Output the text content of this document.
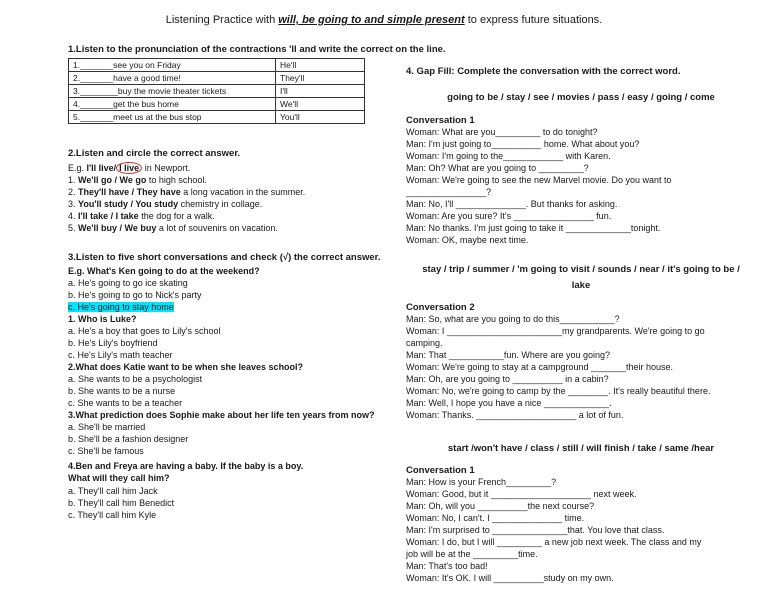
Listening Practice with will, be going to and simple present to express future situations.
1.Listen to the pronunciation of the contractions 'll and write the correct on the line.
1._______see you on Friday	He'll
2._______have a good time!	They'll
3.________buy the movie theater tickets	I'll
4._______get the bus home	We'll
5._______meet us at the bus stop	You'll
2.Listen and circle the correct answer.
E.g. I'll live/ I live in Newport.
1. We'll go / We go to high school.
2. They'll have / They have a long vacation in the summer.
3. You'll study / You study chemistry in collage.
4. I'll take / I take the dog for a walk.
5. We'll buy / We buy a lot of souvenirs on vacation.
3.Listen to five short conversations and check (√) the correct answer.
E.g. What's Ken going to do at the weekend?
a. He's going to go ice skating
b. He's going to go to Nick's party
c. He's going to stay home
1. Who is Luke?
a. He's a boy that goes to Lily's school
b. He's Lily's boyfriend
c. He's Lily's math teacher
2.What does Katie want to be when she leaves school?
a. She wants to be a psychologist
b. She wants to be a nurse
c. She wants to be a teacher
3.What prediction does Sophie make about her life ten years from now?
a. She'll be married
b. She'll be a fashion designer
c. She'll be famous
4.Ben and Freya are having a baby. If the baby is a boy.
What will they call him?
a. They'll call him Jack
b. They'll call him Benedict
c. They'll call him Kyle
4. Gap Fill: Complete the conversation with the correct word.
going to be / stay / see / movies / pass / easy / going / come
Conversation 1
Woman: What are you_________ to do tonight?
Man: I'm just going to__________ home. What about you?
Woman: I'm going to the____________ with Karen.
Man: Oh? What are you going to _________?
Woman: We're going to see the new Marvel movie. Do you want to
________________?
Man: No, I'll ______________. But thanks for asking.
Woman: Are you sure? It's ________________ fun.
Man: No thanks. I'm just going to take it _____________tonight.
Woman: OK, maybe next time.
stay / trip / summer / 'm going to visit / sounds / near / it's going to be /
lake
Conversation 2
Man: So, what are you going to do this___________?
Woman: I _______________________my grandparents. We're going to go
camping.
Man: That ___________fun. Where are you going?
Woman: We're going to stay at a campground _______their house.
Man: Oh, are you going to __________ in a cabin?
Woman: No, we're going to camp by the ________. It's really beautiful there.
Man: Well, I hope you have a nice _____________.
Woman: Thanks. ____________________ a lot of fun.
start /won't have / class / still / will finish / take / same /hear
Conversation 1
Man: How is your French_________?
Woman: Good, but it ____________________ next week.
Man: Oh, will you __________the next course?
Woman: No, I can't. I ______________ time.
Man: I'm surprised to _______________that. You love that class.
Woman: I do, but I will _________ a new job next week. The class and my
job will be at the _________time.
Man: That's too bad!
Woman: It's OK. I will __________study on my own.
